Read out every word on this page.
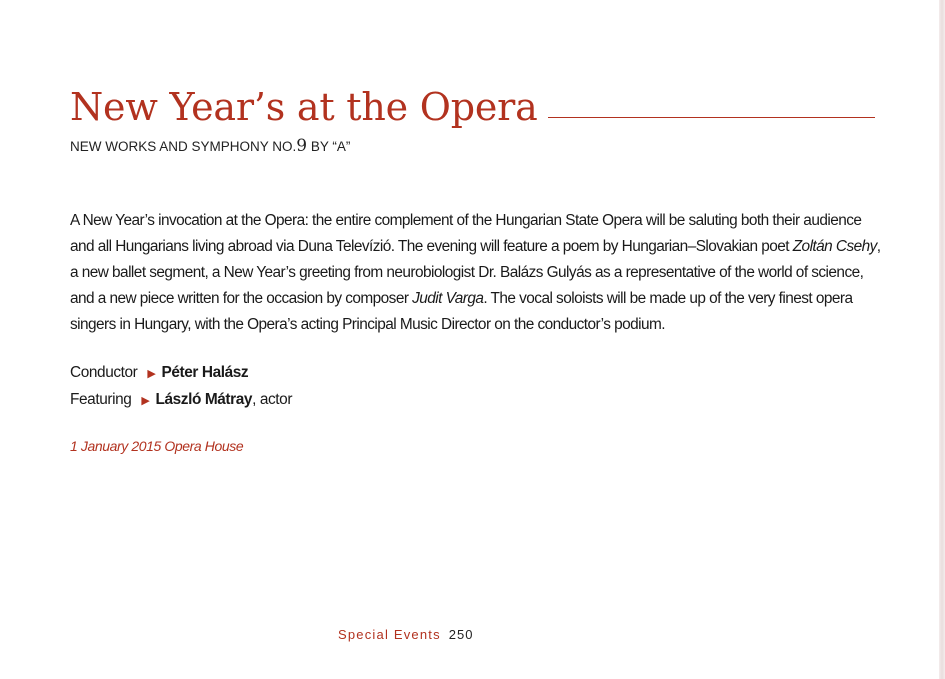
New Year’s at the Opera
NEW WORKS AND SYMPHONY NO.9 BY “A”
A New Year’s invocation at the Opera: the entire complement of the Hungarian State Opera will be saluting both their audience and all Hungarians living abroad via Duna Televízió. The evening will feature a poem by Hungarian–Slovakian poet Zoltán Csehy, a new ballet segment, a New Year’s greeting from neurobiologist Dr. Balázs Gulyás as a representative of the world of science, and a new piece written for the occasion by composer Judit Varga. The vocal soloists will be made up of the very finest opera singers in Hungary, with the Opera’s acting Principal Music Director on the conductor’s podium.
Conductor ▶ Péter Halász
Featuring ▶ László Mátray, actor
1 January 2015 Opera House
Special Events 250
